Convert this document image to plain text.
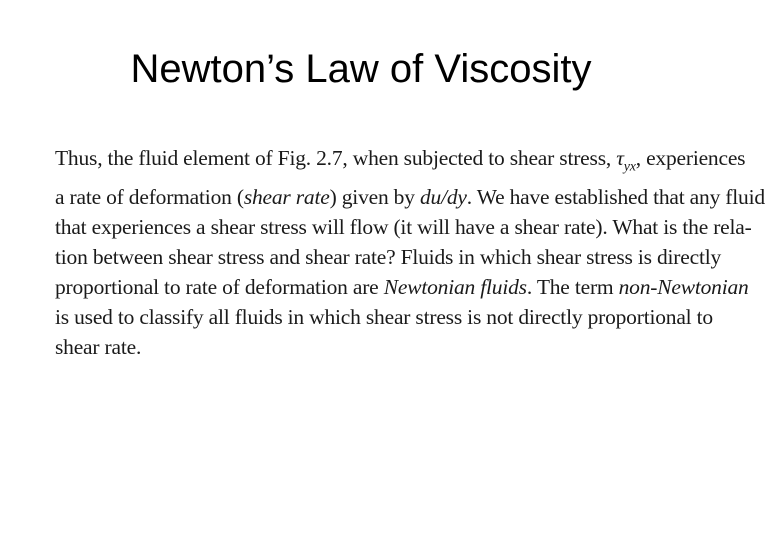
Newton’s Law of Viscosity

Thus, the fluid element of Fig. 2.7, when subjected to shear stress, $\tau_{yx}$, experiences
a rate of deformation (shear rate) given by du/dy. We have established that any fluid
that experiences a shear stress will flow (it will have a shear rate). What is the rela-
tion between shear stress and shear rate? Fluids in which shear stress is directly
proportional to rate of deformation are Newtonian fluids. The term non-Newtonian
is used to classify all fluids in which shear stress is not directly proportional to
shear rate.
